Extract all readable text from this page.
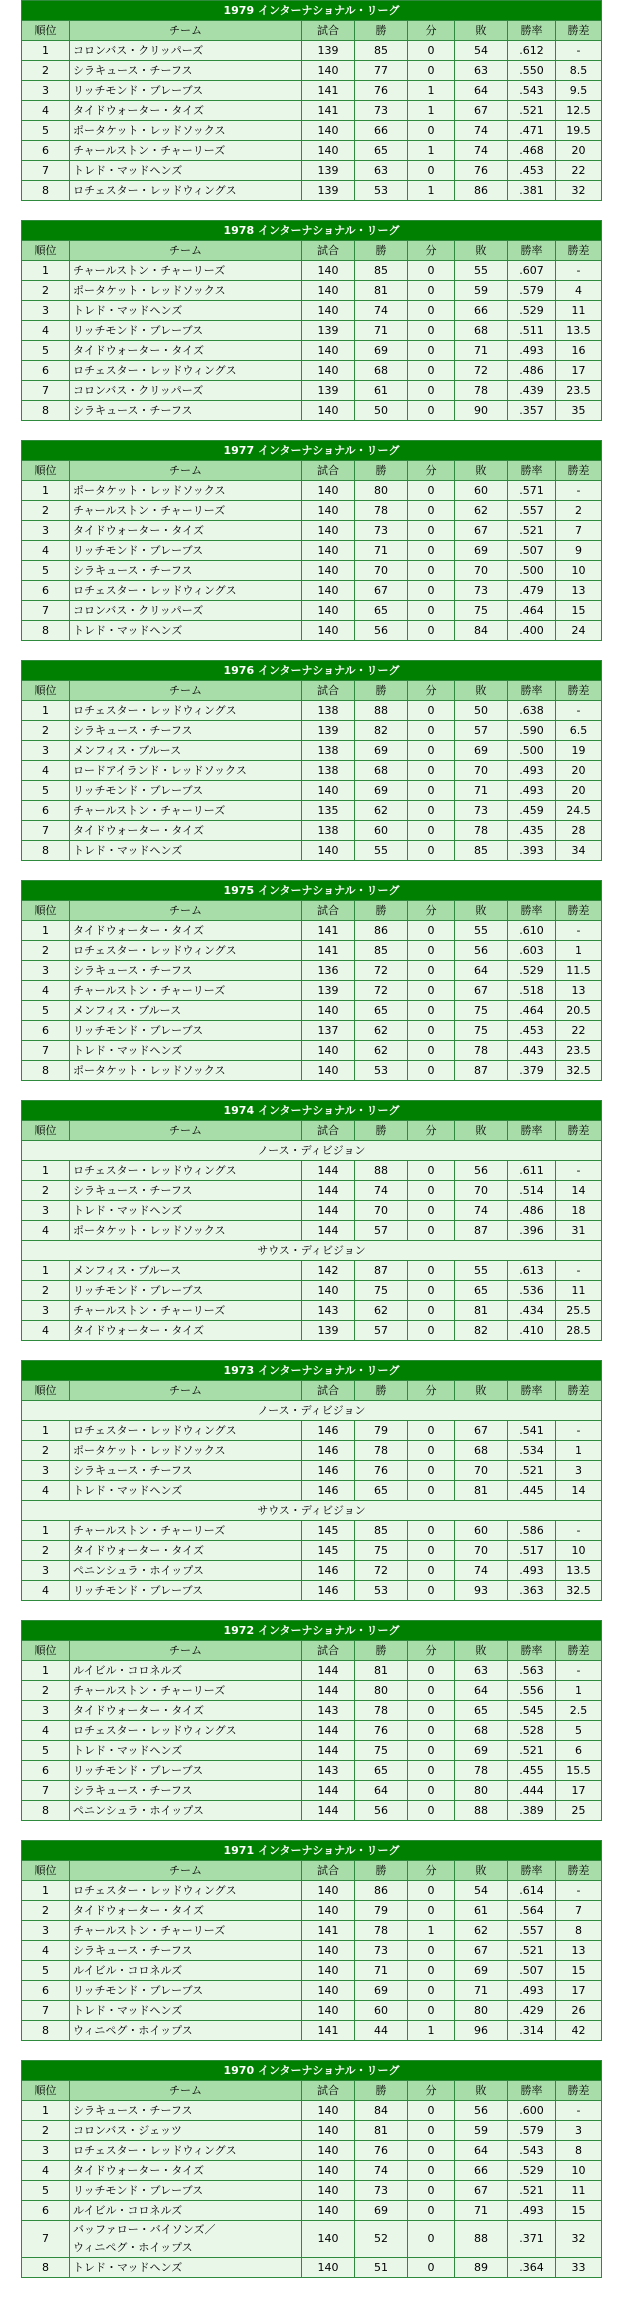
1979 インターナショナル・リーグ							
順位	チーム	試合	勝	分	敗	勝率	勝差
1	コロンバス・クリッパーズ	139	85	0	54	.612	-
2	シラキュース・チーフス	140	77	0	63	.550	8.5
3	リッチモンド・ブレーブス	141	76	1	64	.543	9.5
4	タイドウォーター・タイズ	141	73	1	67	.521	12.5
5	ポータケット・レッドソックス	140	66	0	74	.471	19.5
6	チャールストン・チャーリーズ	140	65	1	74	.468	20
7	トレド・マッドヘンズ	139	63	0	76	.453	22
8	ロチェスター・レッドウィングス	139	53	1	86	.381	32
1978 インターナショナル・リーグ							
順位	チーム	試合	勝	分	敗	勝率	勝差
1	チャールストン・チャーリーズ	140	85	0	55	.607	-
2	ポータケット・レッドソックス	140	81	0	59	.579	4
3	トレド・マッドヘンズ	140	74	0	66	.529	11
4	リッチモンド・ブレーブス	139	71	0	68	.511	13.5
5	タイドウォーター・タイズ	140	69	0	71	.493	16
6	ロチェスター・レッドウィングス	140	68	0	72	.486	17
7	コロンバス・クリッパーズ	139	61	0	78	.439	23.5
8	シラキュース・チーフス	140	50	0	90	.357	35
1977 インターナショナル・リーグ							
順位	チーム	試合	勝	分	敗	勝率	勝差
1	ポータケット・レッドソックス	140	80	0	60	.571	-
2	チャールストン・チャーリーズ	140	78	0	62	.557	2
3	タイドウォーター・タイズ	140	73	0	67	.521	7
4	リッチモンド・ブレーブス	140	71	0	69	.507	9
5	シラキュース・チーフス	140	70	0	70	.500	10
6	ロチェスター・レッドウィングス	140	67	0	73	.479	13
7	コロンバス・クリッパーズ	140	65	0	75	.464	15
8	トレド・マッドヘンズ	140	56	0	84	.400	24
1976 インターナショナル・リーグ							
順位	チーム	試合	勝	分	敗	勝率	勝差
1	ロチェスター・レッドウィングス	138	88	0	50	.638	-
2	シラキュース・チーフス	139	82	0	57	.590	6.5
3	メンフィス・ブルース	138	69	0	69	.500	19
4	ロードアイランド・レッドソックス	138	68	0	70	.493	20
5	リッチモンド・ブレーブス	140	69	0	71	.493	20
6	チャールストン・チャーリーズ	135	62	0	73	.459	24.5
7	タイドウォーター・タイズ	138	60	0	78	.435	28
8	トレド・マッドヘンズ	140	55	0	85	.393	34
1975 インターナショナル・リーグ							
順位	チーム	試合	勝	分	敗	勝率	勝差
1	タイドウォーター・タイズ	141	86	0	55	.610	-
2	ロチェスター・レッドウィングス	141	85	0	56	.603	1
3	シラキュース・チーフス	136	72	0	64	.529	11.5
4	チャールストン・チャーリーズ	139	72	0	67	.518	13
5	メンフィス・ブルース	140	65	0	75	.464	20.5
6	リッチモンド・ブレーブス	137	62	0	75	.453	22
7	トレド・マッドヘンズ	140	62	0	78	.443	23.5
8	ポータケット・レッドソックス	140	53	0	87	.379	32.5
1974 インターナショナル・リーグ							
順位	チーム	試合	勝	分	敗	勝率	勝差
ノース・ディビジョン							
1	ロチェスター・レッドウィングス	144	88	0	56	.611	-
2	シラキュース・チーフス	144	74	0	70	.514	14
3	トレド・マッドヘンズ	144	70	0	74	.486	18
4	ポータケット・レッドソックス	144	57	0	87	.396	31
サウス・ディビジョン							
1	メンフィス・ブルース	142	87	0	55	.613	-
2	リッチモンド・ブレーブス	140	75	0	65	.536	11
3	チャールストン・チャーリーズ	143	62	0	81	.434	25.5
4	タイドウォーター・タイズ	139	57	0	82	.410	28.5
1973 インターナショナル・リーグ							
順位	チーム	試合	勝	分	敗	勝率	勝差
ノース・ディビジョン							
1	ロチェスター・レッドウィングス	146	79	0	67	.541	-
2	ポータケット・レッドソックス	146	78	0	68	.534	1
3	シラキュース・チーフス	146	76	0	70	.521	3
4	トレド・マッドヘンズ	146	65	0	81	.445	14
サウス・ディビジョン							
1	チャールストン・チャーリーズ	145	85	0	60	.586	-
2	タイドウォーター・タイズ	145	75	0	70	.517	10
3	ペニンシュラ・ホイップス	146	72	0	74	.493	13.5
4	リッチモンド・ブレーブス	146	53	0	93	.363	32.5
1972 インターナショナル・リーグ							
順位	チーム	試合	勝	分	敗	勝率	勝差
1	ルイビル・コロネルズ	144	81	0	63	.563	-
2	チャールストン・チャーリーズ	144	80	0	64	.556	1
3	タイドウォーター・タイズ	143	78	0	65	.545	2.5
4	ロチェスター・レッドウィングス	144	76	0	68	.528	5
5	トレド・マッドヘンズ	144	75	0	69	.521	6
6	リッチモンド・ブレーブス	143	65	0	78	.455	15.5
7	シラキュース・チーフス	144	64	0	80	.444	17
8	ペニンシュラ・ホイップス	144	56	0	88	.389	25
1971 インターナショナル・リーグ							
順位	チーム	試合	勝	分	敗	勝率	勝差
1	ロチェスター・レッドウィングス	140	86	0	54	.614	-
2	タイドウォーター・タイズ	140	79	0	61	.564	7
3	チャールストン・チャーリーズ	141	78	1	62	.557	8
4	シラキュース・チーフス	140	73	0	67	.521	13
5	ルイビル・コロネルズ	140	71	0	69	.507	15
6	リッチモンド・ブレーブス	140	69	0	71	.493	17
7	トレド・マッドヘンズ	140	60	0	80	.429	26
8	ウィニペグ・ホイップス	141	44	1	96	.314	42
1970 インターナショナル・リーグ							
順位	チーム	試合	勝	分	敗	勝率	勝差
1	シラキュース・チーフス	140	84	0	56	.600	-
2	コロンバス・ジェッツ	140	81	0	59	.579	3
3	ロチェスター・レッドウィングス	140	76	0	64	.543	8
4	タイドウォーター・タイズ	140	74	0	66	.529	10
5	リッチモンド・ブレーブス	140	73	0	67	.521	11
6	ルイビル・コロネルズ	140	69	0	71	.493	15
7	バッファロー・バイソンズ／
ウィニペグ・ホイップス	140	52	0	88	.371	32
8	トレド・マッドヘンズ	140	51	0	89	.364	33
